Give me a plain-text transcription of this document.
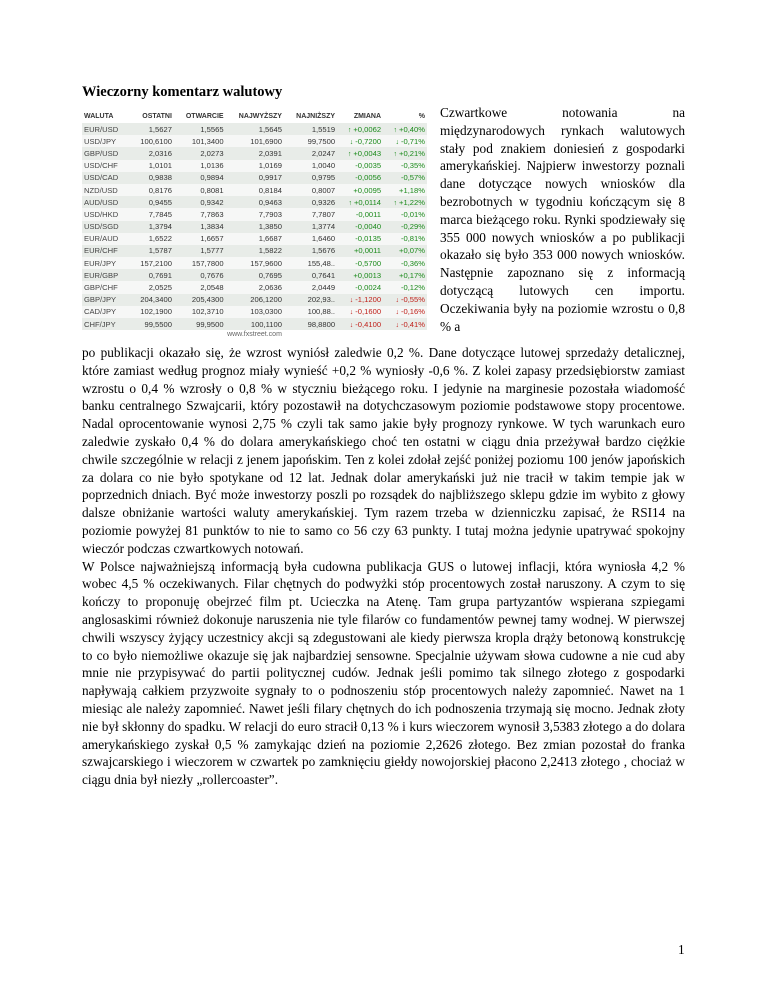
Wieczorny komentarz walutowy
WALUTA	OSTATNI	OTWARCIE	NAJWYŻSZY	NAJNIŻSZY	ZMIANA	%
EUR/USD	1,5627	1,5565	1,5645	1,5519	↑ +0,0062	↑ +0,40%
USD/JPY	100,6100	101,3400	101,6900	99,7500	↓ -0,7200	↓ -0,71%
GBP/USD	2,0316	2,0273	2,0391	2,0247	↑ +0,0043	↑ +0,21%
USD/CHF	1,0101	1,0136	1,0169	1,0040	-0,0035	-0,35%
USD/CAD	0,9838	0,9894	0,9917	0,9795	-0,0056	-0,57%
NZD/USD	0,8176	0,8081	0,8184	0,8007	+0,0095	+1,18%
AUD/USD	0,9455	0,9342	0,9463	0,9326	↑ +0,0114	↑ +1,22%
USD/HKD	7,7845	7,7863	7,7903	7,7807	-0,0011	-0,01%
USD/SGD	1,3794	1,3834	1,3850	1,3774	-0,0040	-0,29%
EUR/AUD	1,6522	1,6657	1,6687	1,6460	-0,0135	-0,81%
EUR/CHF	1,5787	1,5777	1,5822	1,5676	+0,0011	+0,07%
EUR/JPY	157,2100	157,7800	157,9600	155,48..	-0,5700	-0,36%
EUR/GBP	0,7691	0,7676	0,7695	0,7641	+0,0013	+0,17%
GBP/CHF	2,0525	2,0548	2,0636	2,0449	-0,0024	-0,12%
GBP/JPY	204,3400	205,4300	206,1200	202,93..	↓ -1,1200	↓ -0,55%
CAD/JPY	102,1900	102,3710	103,0300	100,88..	↓ -0,1600	↓ -0,16%
CHF/JPY	99,5500	99,9500	100,1100	98,8800	↓ -0,4100	↓ -0,41%
www.fxstreet.com

Czwartkowe notowania na międzynarodowych rynkach walutowych stały pod znakiem doniesień z gospodarki amerykańskiej. Najpierw inwestorzy poznali dane dotyczące nowych wniosków dla bezrobotnych w tygodniu kończącym się 8 marca bieżącego roku. Rynki spodziewały się 355 000 nowych wniosków a po publikacji okazało się było 353 000 nowych wniosków. Następnie zapoznano się z informacją dotyczącą lutowych cen importu. Oczekiwania były na poziomie wzrostu o 0,8 % a

po publikacji okazało się, że wzrost wyniósł zaledwie 0,2 %. Dane dotyczące lutowej sprzedaży detalicznej, które zamiast według prognoz miały wynieść +0,2 % wyniosły -0,6 %. Z kolei zapasy przedsiębiorstw zamiast wzrostu o 0,4 % wzrosły o 0,8 % w styczniu bieżącego roku. I jedynie na marginesie pozostała wiadomość banku centralnego Szwajcarii, który pozostawił na dotychczasowym poziomie podstawowe stopy procentowe. Nadal oprocentowanie wynosi 2,75 % czyli tak samo jakie były prognozy rynkowe. W tych warunkach euro zaledwie zyskało 0,4 % do dolara amerykańskiego choć ten ostatni w ciągu dnia przeżywał bardzo ciężkie chwile szczególnie w relacji z jenem japońskim. Ten z kolei zdołał zejść poniżej poziomu 100 jenów japońskich za dolara co nie było spotykane od 12 lat. Jednak dolar amerykański już nie tracił w takim tempie jak w poprzednich dniach. Być może inwestorzy poszli po rozsądek do najbliższego sklepu gdzie im wybito z głowy dalsze obniżanie wartości waluty amerykańskiej. Tym razem trzeba w dzienniczku zapisać, że RSI14 na poziomie powyżej 81 punktów to nie to samo co 56 czy 63 punkty. I tutaj można jedynie upatrywać spokojny wieczór podczas czwartkowych notowań.

W Polsce najważniejszą informacją była cudowna publikacja GUS o lutowej inflacji, która wyniosła 4,2 % wobec 4,5 % oczekiwanych. Filar chętnych do podwyżki stóp procentowych został naruszony. A czym to się kończy to proponuję obejrzeć film pt. Ucieczka na Atenę. Tam grupa partyzantów wspierana szpiegami anglosaskimi również dokonuje naruszenia nie tyle filarów co fundamentów pewnej tamy wodnej. W pierwszej chwili wszyscy żyjący uczestnicy akcji są zdegustowani ale kiedy pierwsza kropla drąży betonową konstrukcję to co było niemożliwe okazuje się jak najbardziej sensowne. Specjalnie używam słowa cudowne a nie cud aby mnie nie przypisywać do partii politycznej cudów. Jednak jeśli pomimo tak silnego złotego z gospodarki napływają całkiem przyzwoite sygnały to o podnoszeniu stóp procentowych należy zapomnieć. Nawet na 1 miesiąc ale należy zapomnieć. Nawet jeśli filary chętnych do ich podnoszenia trzymają się mocno. Jednak złoty nie był skłonny do spadku. W relacji do euro stracił 0,13 % i kurs wieczorem wynosił 3,5383 złotego a do dolara amerykańskiego zyskał 0,5 % zamykając dzień na poziomie 2,2626 złotego. Bez zmian pozostał do franka szwajcarskiego i wieczorem w czwartek po zamknięciu giełdy nowojorskiej płacono 2,2413 złotego , chociaż w ciągu dnia był niezły „rollercoaster”.

1
